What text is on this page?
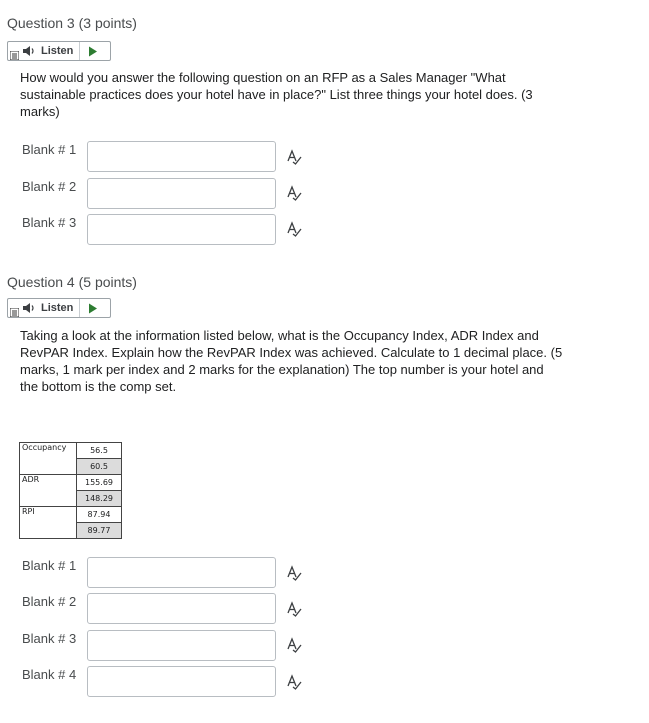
Question 3 (3 points)
Listen
How would you answer the following question on an RFP as a Sales Manager "What sustainable practices does your hotel have in place?" List three things your hotel does. (3 marks)
Blank # 1
Blank # 2
Blank # 3
Question 4 (5 points)
Listen
Taking a look at the information listed below, what is the Occupancy Index, ADR Index and RevPAR Index. Explain how the RevPAR Index was achieved. Calculate to 1 decimal place. (5 marks, 1 mark per index and 2 marks for the explanation) The top number is your hotel and the bottom is the comp set.
Occupancy	56.5
	60.5
ADR	155.69
	148.29
RPI	87.94
	89.77
Blank # 1
Blank # 2
Blank # 3
Blank # 4
